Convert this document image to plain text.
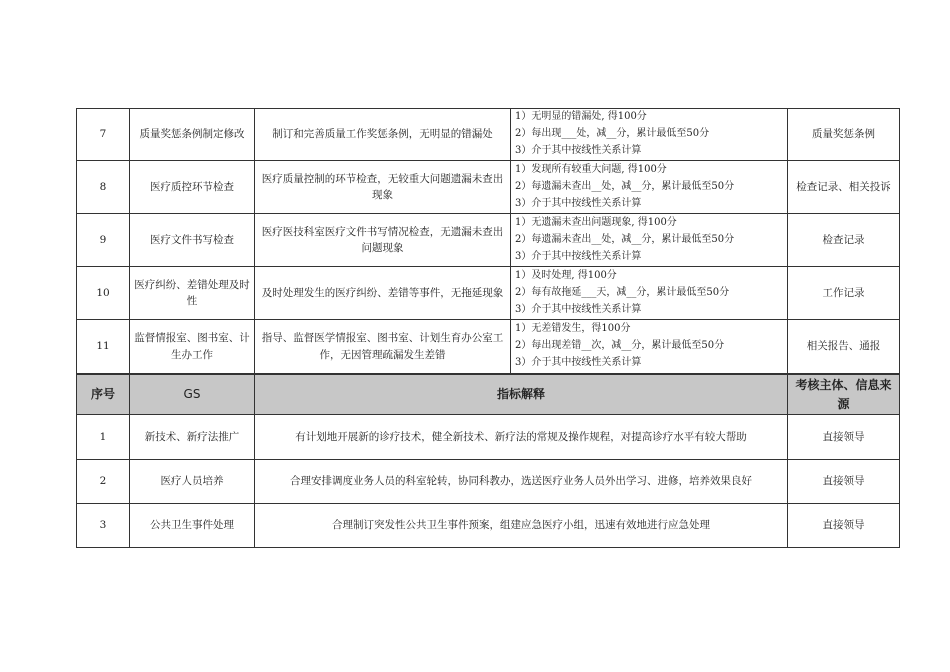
7	质量奖惩条例制定修改	制订和完善质量工作奖惩条例，无明显的错漏处	1）无明显的错漏处, 得100分
2）每出现___处，减__分，累计最低至50分
3）介于其中按线性关系计算	质量奖惩条例
8	医疗质控环节检查	医疗质量控制的环节检查，无较重大问题遗漏未查出现象	1）发现所有较重大问题, 得100分
2）每遗漏未查出__处，减__分，累计最低至50分
3）介于其中按线性关系计算	检查记录、相关投诉
9	医疗文件书写检查	医疗医技科室医疗文件书写情况检查，无遗漏未查出问题现象	1）无遗漏未查出问题现象, 得100分
2）每遗漏未查出__处，减__分，累计最低至50分
3）介于其中按线性关系计算	检查记录
10	医疗纠纷、差错处理及时性	及时处理发生的医疗纠纷、差错等事件，无拖延现象	1）及时处理, 得100分
2）每有故拖延___天，减__分，累计最低至50分
3）介于其中按线性关系计算	工作记录
11	监督情报室、图书室、计生办工作	指导、监督医学情报室、图书室、计划生育办公室工作，无因管理疏漏发生差错	1）无差错发生，得100分
2）每出现差错__次，减__分，累计最低至50分
3）介于其中按线性关系计算	相关报告、通报
序号	GS	指标解释	考核主体、信息来源
1	新技术、新疗法推广	有计划地开展新的诊疗技术，健全新技术、新疗法的常规及操作规程，对提高诊疗水平有较大帮助	直接领导
2	医疗人员培养	合理安排调度业务人员的科室轮转，协同科教办，选送医疗业务人员外出学习、进修，培养效果良好	直接领导
3	公共卫生事件处理	合理制订突发性公共卫生事件预案，组建应急医疗小组，迅速有效地进行应急处理	直接领导
